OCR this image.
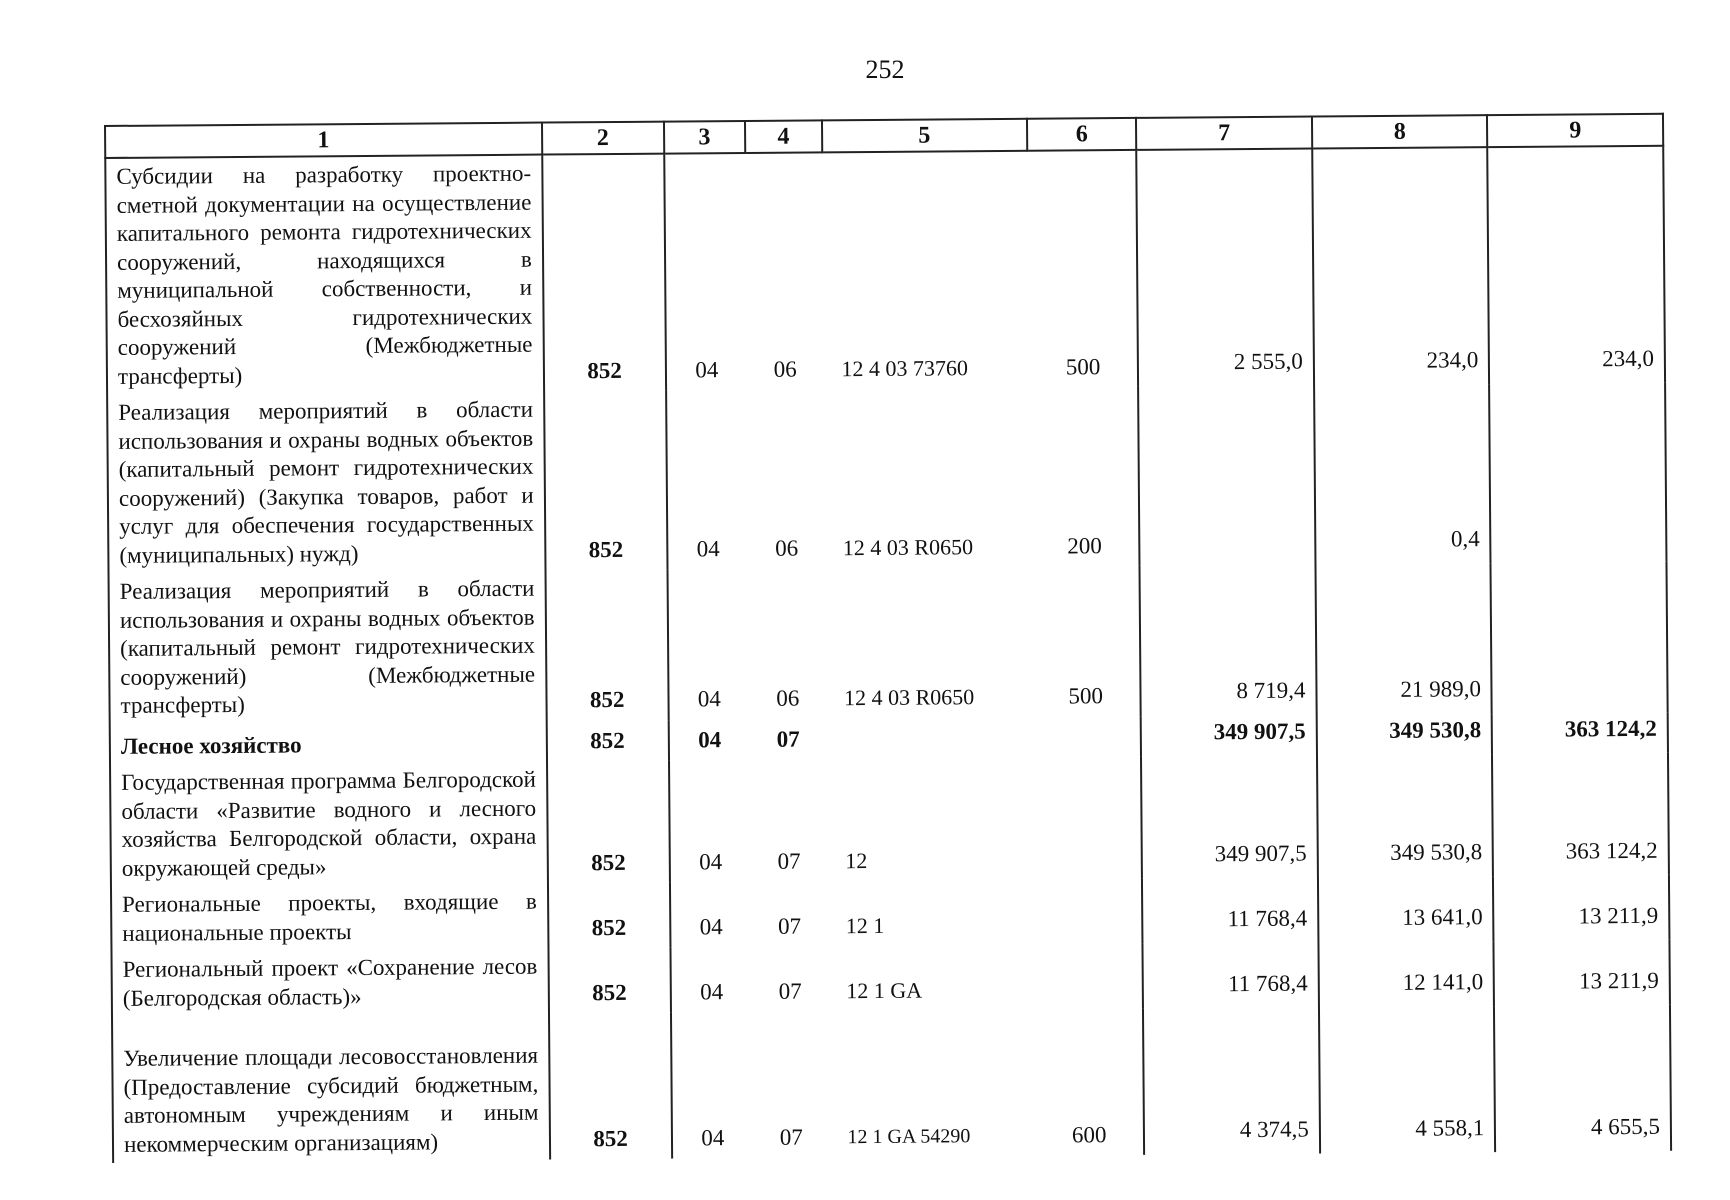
252
1	2	3	4	5	6	7	8	9
Субсидии на разработку проектно-сметной документации на осуществление капитального ремонта гидротехнических сооружений, находящихся в муниципальной собственности, и бесхозяйных гидротехнических сооружений (Межбюджетные трансферты)	852	04	06	12 4 03 73760	500	2 555,0	234,0	234,0
Реализация мероприятий в области использования и охраны водных объектов (капитальный ремонт гидротехнических сооружений) (Закупка товаров, работ и услуг для обеспечения государственных (муниципальных) нужд)	852	04	06	12 4 03 R0650	200		0,4	
Реализация мероприятий в области использования и охраны водных объектов (капитальный ремонт гидротехнических сооружений) (Межбюджетные трансферты)	852	04	06	12 4 03 R0650	500	8 719,4	21 989,0	
Лесное хозяйство	852	04	07			349 907,5	349 530,8	363 124,2
Государственная программа Белгородской области «Развитие водного и лесного хозяйства Белгородской области, охрана окружающей среды»	852	04	07	12		349 907,5	349 530,8	363 124,2
Региональные проекты, входящие в национальные проекты	852	04	07	12 1		11 768,4	13 641,0	13 211,9
Региональный проект «Сохранение лесов (Белгородская область)»	852	04	07	12 1 GA		11 768,4	12 141,0	13 211,9
Увеличение площади лесовосстановления (Предоставление субсидий бюджетным, автономным учреждениям и иным некоммерческим организациям)	852	04	07	12 1 GA 54290	600	4 374,5	4 558,1	4 655,5
